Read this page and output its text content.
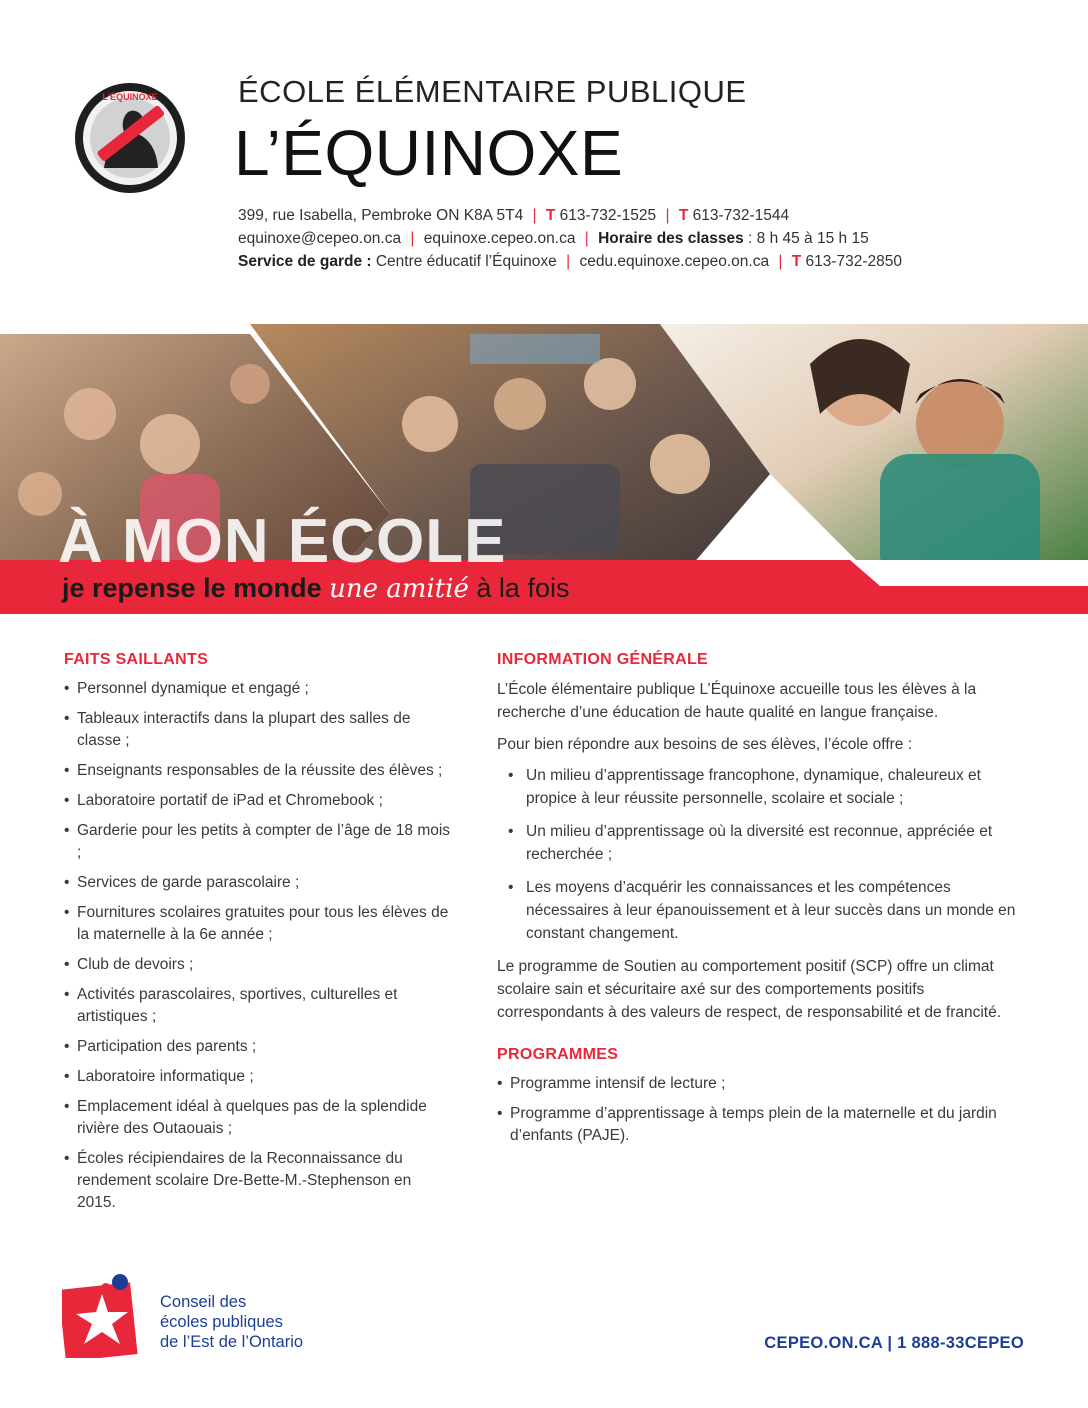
L'ÉQUINOXE	ÉCOLE ÉLÉMENTAIRE PUBLIQUE
L’ÉQUINOXE
399, rue Isabella, Pembroke ON K8A 5T4 | T 613-732-1525 | T 613-732-1544
equinoxe@cepeo.on.ca | equinoxe.cepeo.on.ca | Horaire des classes : 8 h 45 à 15 h 15
Service de garde : Centre éducatif l’Équinoxe | cedu.equinoxe.cepeo.on.ca | T 613-732-2850
À MON ÉCOLE
je repense le monde une amitié à la fois
FAITS SAILLANTS
• Personnel dynamique et engagé ;
• Tableaux interactifs dans la plupart des salles de classe ;
• Enseignants responsables de la réussite des élèves ;
• Laboratoire portatif de iPad et Chromebook ;
• Garderie pour les petits à compter de l’âge de 18 mois ;
• Services de garde parascolaire ;
• Fournitures scolaires gratuites pour tous les élèves de la maternelle à la 6e année ;
• Club de devoirs ;
• Activités parascolaires, sportives, culturelles et artistiques ;
• Participation des parents ;
• Laboratoire informatique ;
• Emplacement idéal à quelques pas de la splendide rivière des Outaouais ;
• Écoles récipiendaires de la Reconnaissance du rendement scolaire Dre-Bette-M.-Stephenson en 2015.
INFORMATION GÉNÉRALE

L’École élémentaire publique L’Équinoxe accueille tous les élèves à la recherche d’une éducation de haute qualité en langue française.

Pour bien répondre aux besoins de ses élèves, l’école offre :

• Un milieu d’apprentissage francophone, dynamique, chaleureux et propice à leur réussite personnelle, scolaire et sociale ;
• Un milieu d’apprentissage où la diversité est reconnue, appréciée et recherchée ;
• Les moyens d’acquérir les connaissances et les compétences nécessaires à leur épanouissement et à leur succès dans un monde en constant changement.

Le programme de Soutien au comportement positif (SCP) offre un climat scolaire sain et sécuritaire axé sur des comportements positifs correspondants à des valeurs de respect, de responsabilité et de francité.

PROGRAMMES
• Programme intensif de lecture ;
• Programme d’apprentissage à temps plein de la maternelle et du jardin d’enfants (PAJE).
Conseil des
écoles publiques
de l’Est de l’Ontario	CEPEO.ON.CA | 1 888-33CEPEO
